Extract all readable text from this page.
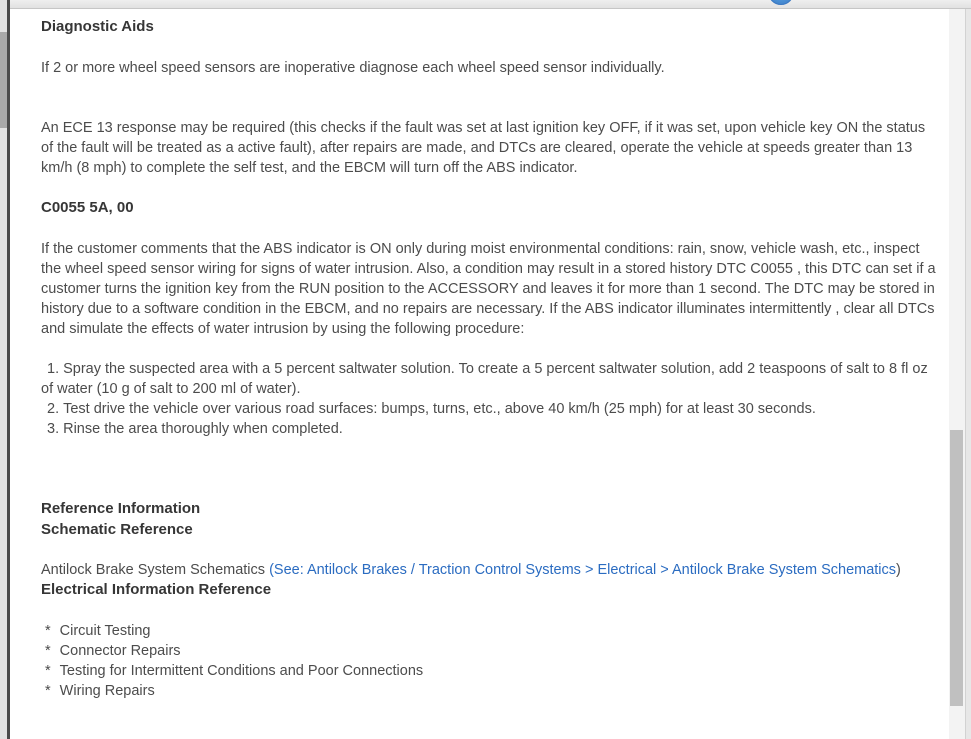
Diagnostic Aids
If 2 or more wheel speed sensors are inoperative diagnose each wheel speed sensor individually.
An ECE 13 response may be required (this checks if the fault was set at last ignition key OFF, if it was set, upon vehicle key ON the status of the fault will be treated as a active fault), after repairs are made, and DTCs are cleared, operate the vehicle at speeds greater than 13 km/h (8 mph) to complete the self test, and the EBCM will turn off the ABS indicator.
C0055 5A, 00
If the customer comments that the ABS indicator is ON only during moist environmental conditions: rain, snow, vehicle wash, etc., inspect the wheel speed sensor wiring for signs of water intrusion. Also, a condition may result in a stored history DTC C0055 , this DTC can set if a customer turns the ignition key from the RUN position to the ACCESSORY and leaves it for more than 1 second. The DTC may be stored in history due to a software condition in the EBCM, and no repairs are necessary. If the ABS indicator illuminates intermittently , clear all DTCs and simulate the effects of water intrusion by using the following procedure:
1. Spray the suspected area with a 5 percent saltwater solution. To create a 5 percent saltwater solution, add 2 teaspoons of salt to 8 fl oz of water (10 g of salt to 200 ml of water).
2. Test drive the vehicle over various road surfaces: bumps, turns, etc., above 40 km/h (25 mph) for at least 30 seconds.
3. Rinse the area thoroughly when completed.
Reference Information
Schematic Reference
Antilock Brake System Schematics (See: Antilock Brakes / Traction Control Systems > Electrical > Antilock Brake System Schematics)
Electrical Information Reference
* Circuit Testing
* Connector Repairs
* Testing for Intermittent Conditions and Poor Connections
* Wiring Repairs
